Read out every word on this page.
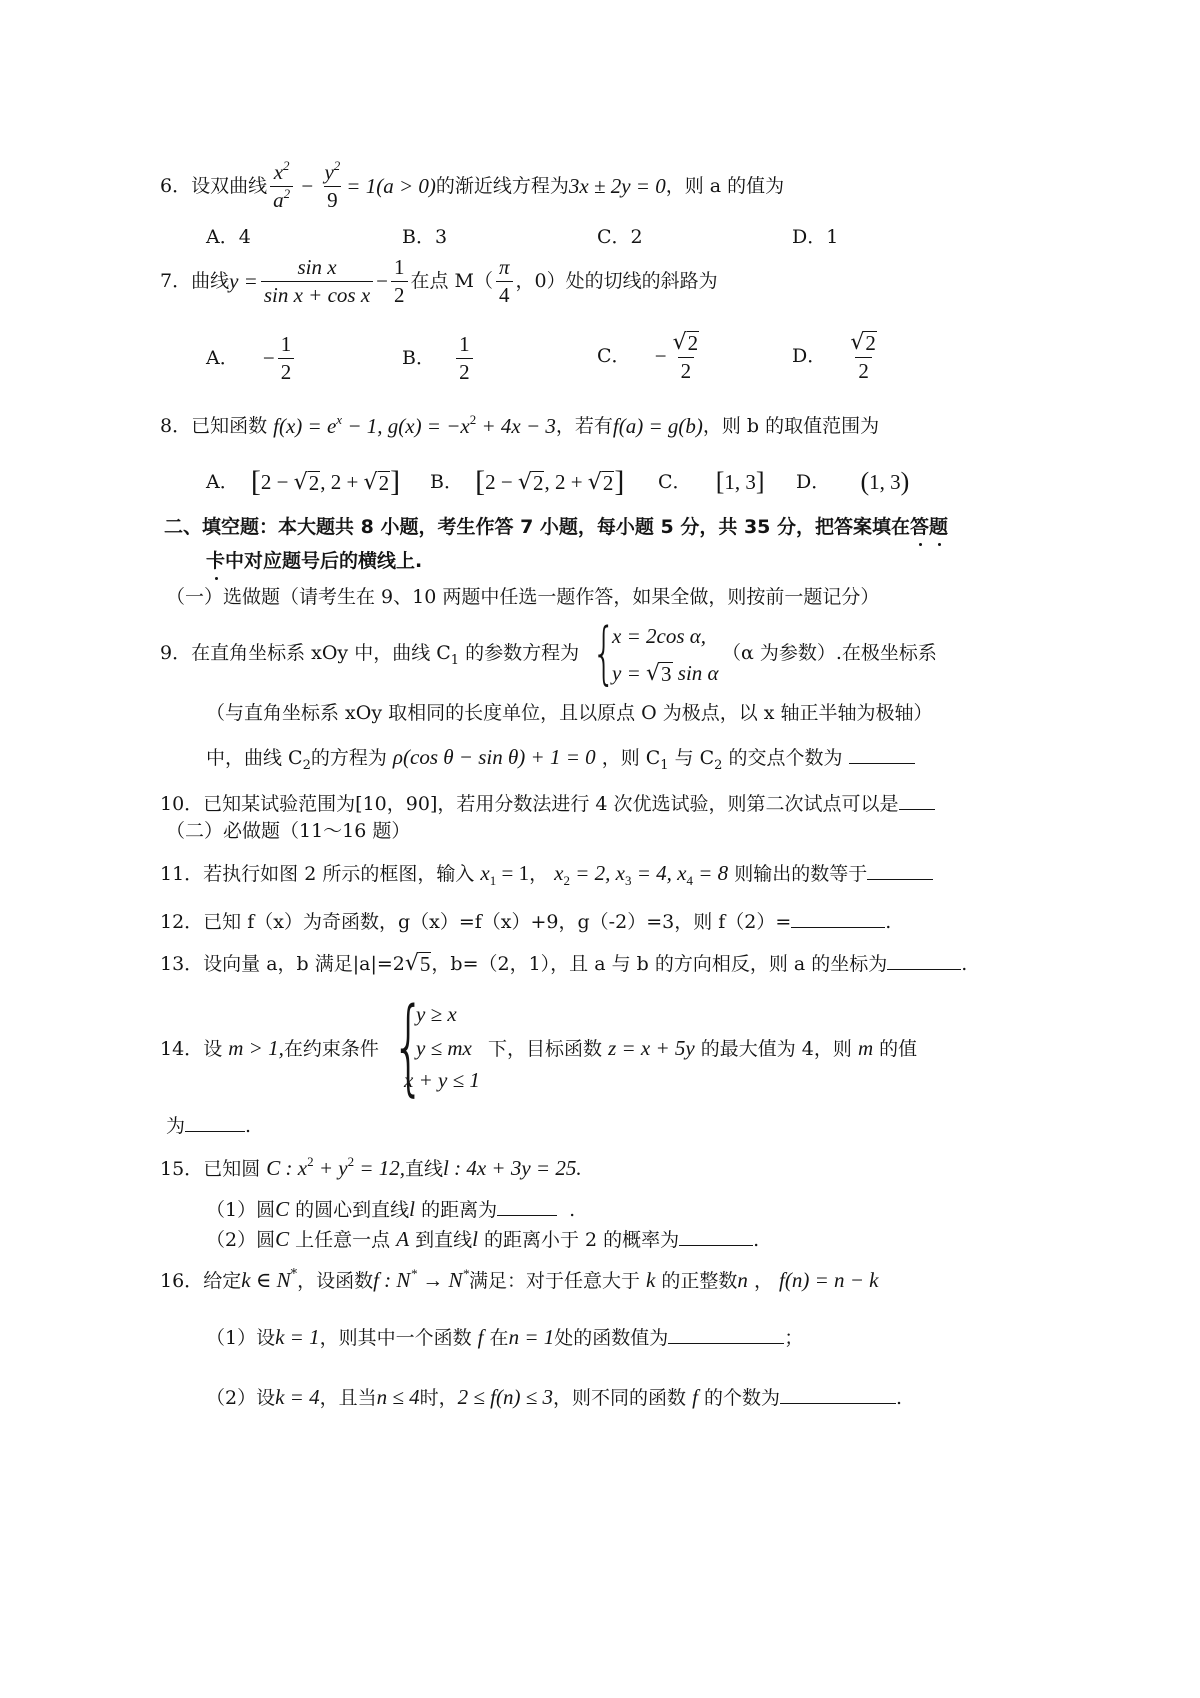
6． 设双曲线 $\frac{x^2}{a^2} - \frac{y^2}{9} = 1(a > 0)$ 的渐近线方程为 3x ± 2y = 0 ，则 a 的值为
A．4	B．3	C．2	D．1
7． 曲线 $y = \frac{\text{sin x}}{\text{sin x + cos x}} - \frac{1}{2}$ 在点 $M( \frac{\pi}{4}$ ，0）处的切线的斜路为
A．
− $\frac{1}{2}$	B．
$\frac{1}{2}$	C．
− $\frac{√ 2}{2}$	D．
$\frac{√ 2}{2}$
8． 已知函数
$f(x) = e^x - 1$, $g(x) = -x^2 + 4x - 3$ ，若有 f(a) = g(b) ，则 b 的取值范围为
A．
[ 2 − √ 2 , 2 + √ 2 ] B．
[ 2 − √ 2 , 2 + √ 2 ] C．
[ 1, 3 ] D．
( 1, 3 )
二、填空题：本大题共 8 小题，考生作答 7 小题，每小题 5 分，共 35 分，把答案填在答题
卡中对应题号后的横线上.
（一）选做题（请考生在 9、10 两题中任选一题作答，如果全做，则按前一题记分）
9．在直角坐标系 xOy 中，曲线 $C_1$ 的参数方程为 {
x = 2cos α,
y = √ 3 sin α
（α 为参数）.在极坐标系
（与直角坐标系 xOy 取相同的长度单位，且以原点 O 为极点，以 x 轴正半轴为极轴）
中，曲线 $C_2$的方程为 ρ(cos θ − sin θ) + 1 = 0 ，则 $C_1$ 与 $C_2$ 的交点个数为
10．已知某试验范围为[10，90]，若用分数法进行 4 次优选试验，则第二次试点可以是
（二）必做题（11～16 题）
11．若执行如图 2 所示的框图，输入 $x_1 = 1$， $x_2 = 2$, $x_3 = 4$, $x_4 = 8$ 则输出的数等于
12．已知 f（x）为奇函数，g（x）=f（x）+9，g（-2）=3，则 f（2）=	.
13．设向量 a，b 满足|a|=2 √ 5 ，b=（2，1），且 a 与 b 的方向相反，则 a 的坐标为	.
14．设 m > 1,在约束条件 {
y ≥ x
y ≤ mx
x + y ≤ 1
下，目标函数 z = x + 5y 的最大值为 4，则 m 的值
为	.
15．已知圆 C : $x^2 + y^2 = 12$,直线l : 4x + 3y = 25.
（1）圆C 的圆心到直线l 的距离为	.
（2）圆C 上任意一点 A 到直线l 的距离小于 2 的概率为	.
16．给定k ∈ N*，设函数f : N* → N*满足：对于任意大于 k 的正整数n ， f(n) = n − k
（1）设k = 1，则其中一个函数 f 在n = 1处的函数值为	；
（2）设k = 4，且当n ≤ 4时，2 ≤ f(n) ≤ 3，则不同的函数 f 的个数为	.
